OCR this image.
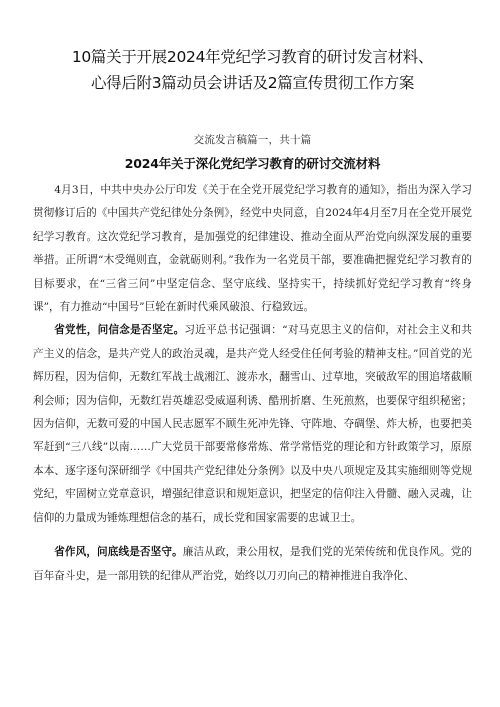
10篇关于开展2024年党纪学习教育的研讨发言材料、
心得后附3篇动员会讲话及2篇宣传贯彻工作方案
交流发言稿篇一，共十篇
2024年关于深化党纪学习教育的研讨交流材料

4月3日，中共中央办公厅印发《关于在全党开展党纪学习教育的通知》，指出为深入学习贯彻修订后的《中国共产党纪律处分条例》，经党中央同意，自2024年4月至7月在全党开展党纪学习教育。这次党纪学习教育，是加强党的纪律建设、推动全面从严治党向纵深发展的重要举措。正所谓“木受绳则直，金就砺则利。”我作为一名党员干部，要准确把握党纪学习教育的目标要求，在“三省三问”中坚定信念、坚守底线、坚持实干，持续抓好党纪学习教育“终身课”，有力推动“中国号”巨轮在新时代乘风破浪、行稳致远。

省党性，问信念是否坚定。习近平总书记强调：“对马克思主义的信仰，对社会主义和共产主义的信念，是共产党人的政治灵魂，是共产党人经受住任何考验的精神支柱。”回首党的光辉历程，因为信仰，无数红军战士战湘江、渡赤水，翻雪山、过草地，突破敌军的围追堵截顺利会师；因为信仰，无数红岩英雄忍受威逼利诱、酷刑折磨、生死煎熬，也要保守组织秘密；因为信仰，无数可爱的中国人民志愿军不顾生死冲先锋、守阵地、夺碉堡、炸大桥，也要把美军赶到“三八线”以南……广大党员干部要常修常炼、常学常悟党的理论和方针政策学习，原原本本、逐字逐句深研细学《中国共产党纪律处分条例》以及中央八项规定及其实施细则等党规党纪，牢固树立党章意识，增强纪律意识和规矩意识，把坚定的信仰注入骨髓、融入灵魂，让信仰的力量成为锤炼理想信念的基石，成长党和国家需要的忠诚卫士。

省作风，问底线是否坚守。廉洁从政，秉公用权，是我们党的光荣传统和优良作风。党的百年奋斗史，是一部用铁的纪律从严治党，始终以刀刃向己的精神推进自我净化、
